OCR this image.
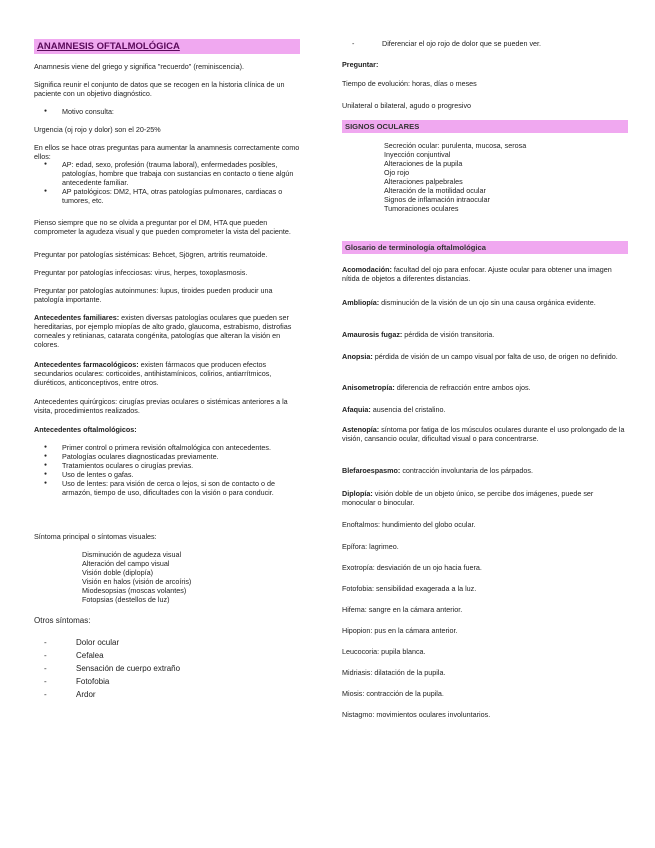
ANAMNESIS OFTALMOLÓGICA

Anamnesis viene del griego y significa "recuerdo" (reminiscencia).

Significa reunir el conjunto de datos que se recogen en la historia clínica de un paciente con un objetivo diagnóstico.

● Motivo consulta:

Urgencia (oj rojo y dolor) son el 20-25%

En ellos se hace otras preguntas para aumentar la anamnesis correctamente como ellos:

● AP: edad, sexo, profesión (trauma laboral), enfermedades posibles, patologías, hombre que trabaja con sustancias en contacto o tiene algún antecedente familiar.
● AP patológicos: DM2, HTA, otras patologías pulmonares, cardiacas o tumores, etc.

Pienso siempre que no se olvida a preguntar por el DM, HTA que pueden comprometer la agudeza visual y que pueden comprometer la vista del paciente.

Preguntar por patologías sistémicas: Behcet, Sjögren, artritis reumatoide.

Preguntar por patologías infecciosas: virus, herpes, toxoplasmosis.

Preguntar por patologías autoinmunes: lupus, tiroides pueden producir una patología importante.

Antecedentes familiares: existen diversas patologías oculares que pueden ser hereditarias, por ejemplo miopías de alto grado, glaucoma, estrabismo, distrofias corneales y retinianas, catarata congénita, patologías que alteran la visión en colores.

Antecedentes farmacológicos: existen fármacos que producen efectos secundarios oculares: corticoides, antihistamínicos, colirios, antiarrítmicos, diuréticos, anticonceptivos, entre otros.

Antecedentes quirúrgicos: cirugías previas oculares o sistémicas anteriores a la visita, procedimientos realizados.

Antecedentes oftalmológicos:

● Primer control o primera revisión oftalmológica con antecedentes.
● Patologías oculares diagnosticadas previamente.
● Tratamientos oculares o cirugías previas.
● Uso de lentes o gafas.
● Uso de lentes: para visión de cerca o lejos, si son de contacto o de armazón, tiempo de uso, dificultades con la visión o para conducir.

Síntoma principal o síntomas visuales:

Disminución de agudeza visual
Alteración del campo visual
Visión doble (diplopía)
Visión en halos (visión de arcoíris)
Miodesopsias (moscas volantes)
Fotopsias (destellos de luz)

Otros síntomas:

- Dolor ocular
- Cefalea
- Sensación de cuerpo extraño
- Fotofobia
- Ardor
- Diferenciar el ojo rojo de dolor que se pueden ver.

Preguntar:

Tiempo de evolución: horas, días o meses

Unilateral o bilateral, agudo o progresivo

SIGNOS OCULARES
Secreción ocular: purulenta, mucosa, serosa
Inyección conjuntival
Alteraciones de la pupila
Ojo rojo
Alteraciones palpebrales
Alteración de la motilidad ocular
Signos de inflamación intraocular
Tumoraciones oculares
Glosario de terminología oftalmológica

Acomodación: facultad del ojo para enfocar. Ajuste ocular para obtener una imagen nítida de objetos a diferentes distancias.

Ambliopía: disminución de la visión de un ojo sin una causa orgánica evidente.

Amaurosis fugaz: pérdida de visión transitoria.

Anopsia: pérdida de visión de un campo visual por falta de uso, de origen no definido.

Anisometropía: diferencia de refracción entre ambos ojos.

Afaquia: ausencia del cristalino.

Astenopía: síntoma por fatiga de los músculos oculares durante el uso prolongado de la visión, cansancio ocular, dificultad visual o para concentrarse.

Blefaroespasmo: contracción involuntaria de los párpados.

Diplopía: visión doble de un objeto único, se percibe dos imágenes, puede ser monocular o binocular.

Enoftalmos: hundimiento del globo ocular.

Epífora: lagrimeo.

Exotropía: desviación de un ojo hacia fuera.

Fotofobia: sensibilidad exagerada a la luz.

Hifema: sangre en la cámara anterior.

Hipopion: pus en la cámara anterior.

Leucocoria: pupila blanca.

Midriasis: dilatación de la pupila.

Miosis: contracción de la pupila.

Nistagmo: movimientos oculares involuntarios.
